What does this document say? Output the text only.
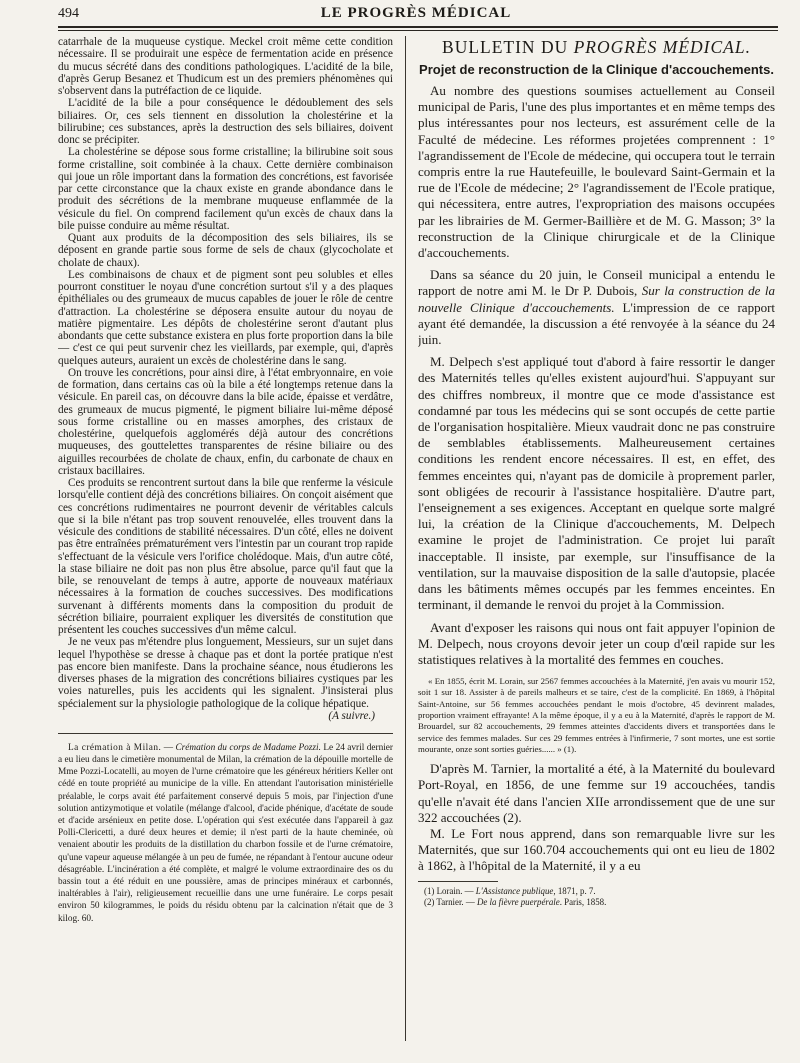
494	LE PROGRÈS MÉDICAL

catarrhale de la muqueuse cystique. Meckel croit même cette condition nécessaire. Il se produirait une espèce de fermentation acide en présence du mucus sécrété dans des conditions pathologiques. L'acidité de la bile, d'après Gerup Besanez et Thudicum est un des premiers phénomènes qui s'observent dans la putréfaction de ce liquide.

L'acidité de la bile a pour conséquence le dédoublement des sels biliaires. Or, ces sels tiennent en dissolution la cholestérine et la bilirubine; ces substances, après la destruction des sels biliaires, doivent donc se précipiter.

La cholestérine se dépose sous forme cristalline; la bilirubine soit sous forme cristalline, soit combinée à la chaux. Cette dernière combinaison qui joue un rôle important dans la formation des concrétions, est favorisée par cette circonstance que la chaux existe en grande abondance dans le produit des sécrétions de la membrane muqueuse enflammée de la vésicule du fiel. On comprend facilement qu'un excès de chaux dans la bile puisse conduire au même résultat.

Quant aux produits de la décomposition des sels biliaires, ils se déposent en grande partie sous forme de sels de chaux (glycocholate et cholate de chaux).

Les combinaisons de chaux et de pigment sont peu solubles et elles pourront constituer le noyau d'une concrétion surtout s'il y a des plaques épithéliales ou des grumeaux de mucus capables de jouer le rôle de centre d'attraction. La cholestérine se déposera ensuite autour du noyau de matière pigmentaire. Les dépôts de cholestérine seront d'autant plus abondants que cette substance existera en plus forte proportion dans la bile — c'est ce qui peut survenir chez les vieillards, par exemple, qui, d'après quelques auteurs, auraient un excès de cholestérine dans le sang.

On trouve les concrétions, pour ainsi dire, à l'état embryonnaire, en voie de formation, dans certains cas où la bile a été longtemps retenue dans la vésicule. En pareil cas, on découvre dans la bile acide, épaisse et verdâtre, des grumeaux de mucus pigmenté, le pigment biliaire lui-même déposé sous forme cristalline ou en masses amorphes, des cristaux de cholestérine, quelquefois agglomérés déjà autour des concrétions muqueuses, des gouttelettes transparentes de résine biliaire ou des aiguilles recourbées de cholate de chaux, enfin, du carbonate de chaux en cristaux bacillaires.

Ces produits se rencontrent surtout dans la bile que renferme la vésicule lorsqu'elle contient déjà des concrétions biliaires. On conçoit aisément que ces concrétions rudimentaires ne pourront devenir de véritables calculs que si la bile n'étant pas trop souvent renouvelée, elles trouvent dans la vésicule des conditions de stabilité nécessaires. D'un côté, elles ne doivent pas être entraînées prématurément vers l'intestin par un courant trop rapide s'effectuant de la vésicule vers l'orifice cholédoque. Mais, d'un autre côté, la stase biliaire ne doit pas non plus être absolue, parce qu'il faut que la bile, se renouvelant de temps à autre, apporte de nouveaux matériaux nécessaires à la formation de couches successives. Des modifications survenant à différents moments dans la composition du produit de sécrétion biliaire, pourraient expliquer les diversités de constitution que présentent les couches successives d'un même calcul.

Je ne veux pas m'étendre plus longuement, Messieurs, sur un sujet dans lequel l'hypothèse se dresse à chaque pas et dont la portée pratique n'est pas encore bien manifeste. Dans la prochaine séance, nous étudierons les diverses phases de la migration des concrétions biliaires cystiques par les voies naturelles, puis les accidents qui les signalent. J'insisterai plus spécialement sur la physiologie pathologique de la colique hépatique.

(A suivre.)

La crémation à Milan. — Crémation du corps de Madame Pozzi. Le 24 avril dernier a eu lieu dans le cimetière monumental de Milan, la crémation de la dépouille mortelle de Mme Pozzi-Locatelli, au moyen de l'urne crématoire que les généreux héritiers Keller ont cédé en toute propriété au municipe de la ville. En attendant l'autorisation ministérielle préalable, le corps avait été parfaitement conservé depuis 5 mois, par l'injection d'une solution antizymotique et volatile (mélange d'alcool, d'acide phénique, d'acétate de soude et d'acide arsénieux en petite dose. L'opération qui s'est exécutée dans l'appareil à gaz Polli-Clericetti, a duré deux heures et demie; il n'est parti de la haute cheminée, où venaient aboutir les produits de la distillation du charbon fossile et de l'urne crématoire, qu'une vapeur aqueuse mélangée à un peu de fumée, ne répandant à l'entour aucune odeur désagréable. L'incinération a été complète, et malgré le volume extraordinaire des os du bassin tout a été réduit en une poussière, amas de principes minéraux et carbonnés, inaltérables à l'air), religieusement recueillie dans une urne funéraire. Le corps pesait environ 50 kilogrammes, le poids du résidu obtenu par la calcination n'était que de 3 kilog. 60.

BULLETIN DU PROGRÈS MÉDICAL.

Projet de reconstruction de la Clinique d'accouchements.

Au nombre des questions soumises actuellement au Conseil municipal de Paris, l'une des plus importantes et en même temps des plus intéressantes pour nos lecteurs, est assurément celle de la Faculté de médecine. Les réformes projetées comprennent : 1° l'agrandissement de l'Ecole de médecine, qui occupera tout le terrain compris entre la rue Hautefeuille, le boulevard Saint-Germain et la rue de l'Ecole de médecine; 2° l'agrandissement de l'Ecole pratique, qui nécessitera, entre autres, l'expropriation des maisons occupées par les librairies de M. Germer-Baillière et de M. G. Masson; 3° la reconstruction de la Clinique chirurgicale et de la Clinique d'accouchements.

Dans sa séance du 20 juin, le Conseil municipal a entendu le rapport de notre ami M. le Dr P. Dubois, Sur la construction de la nouvelle Clinique d'accouchements. L'impression de ce rapport ayant été demandée, la discussion a été renvoyée à la séance du 24 juin.

M. Delpech s'est appliqué tout d'abord à faire ressortir le danger des Maternités telles qu'elles existent aujourd'hui. S'appuyant sur des chiffres nombreux, il montre que ce mode d'assistance est condamné par tous les médecins qui se sont occupés de cette partie de l'organisation hospitalière. Mieux vaudrait donc ne pas construire de semblables établissements. Malheureusement certaines conditions les rendent encore nécessaires. Il est, en effet, des femmes enceintes qui, n'ayant pas de domicile à proprement parler, sont obligées de recourir à l'assistance hospitalière. D'autre part, l'enseignement a ses exigences. Acceptant en quelque sorte malgré lui, la création de la Clinique d'accouchements, M. Delpech examine le projet de l'administration. Ce projet lui paraît inacceptable. Il insiste, par exemple, sur l'insuffisance de la ventilation, sur la mauvaise disposition de la salle d'autopsie, placée dans les bâtiments mêmes occupés par les femmes enceintes. En terminant, il demande le renvoi du projet à la Commission.

Avant d'exposer les raisons qui nous ont fait appuyer l'opinion de M. Delpech, nous croyons devoir jeter un coup d'œil rapide sur les statistiques relatives à la mortalité des femmes en couches.

« En 1855, écrit M. Lorain, sur 2567 femmes accouchées à la Maternité, j'en avais vu mourir 152, soit 1 sur 18. Assister à de pareils malheurs et se taire, c'est de la complicité. En 1869, à l'hôpital Saint-Antoine, sur 56 femmes accouchées pendant le mois d'octobre, 45 devinrent malades, proportion vraiment effrayante! A la même époque, il y a eu à la Maternité, d'après le rapport de M. Brouardel, sur 82 accouchements, 29 femmes atteintes d'accidents divers et transportées dans le service des femmes malades. Sur ces 29 femmes entrées à l'infirmerie, 7 sont mortes, une est sortie mourante, onze sont sorties guéries...... » (1).

D'après M. Tarnier, la mortalité a été, à la Maternité du boulevard Port-Royal, en 1856, de une femme sur 19 accouchées, tandis qu'elle n'avait été dans l'ancien XIIe arrondissement que de une sur 322 accouchées (2).

M. Le Fort nous apprend, dans son remarquable livre sur les Maternités, que sur 160.704 accouchements qui ont eu lieu de 1802 à 1862, à l'hôpital de la Maternité, il y a eu

(1) Lorain. — L'Assistance publique, 1871, p. 7.

(2) Tarnier. — De la fièvre puerpérale. Paris, 1858.
